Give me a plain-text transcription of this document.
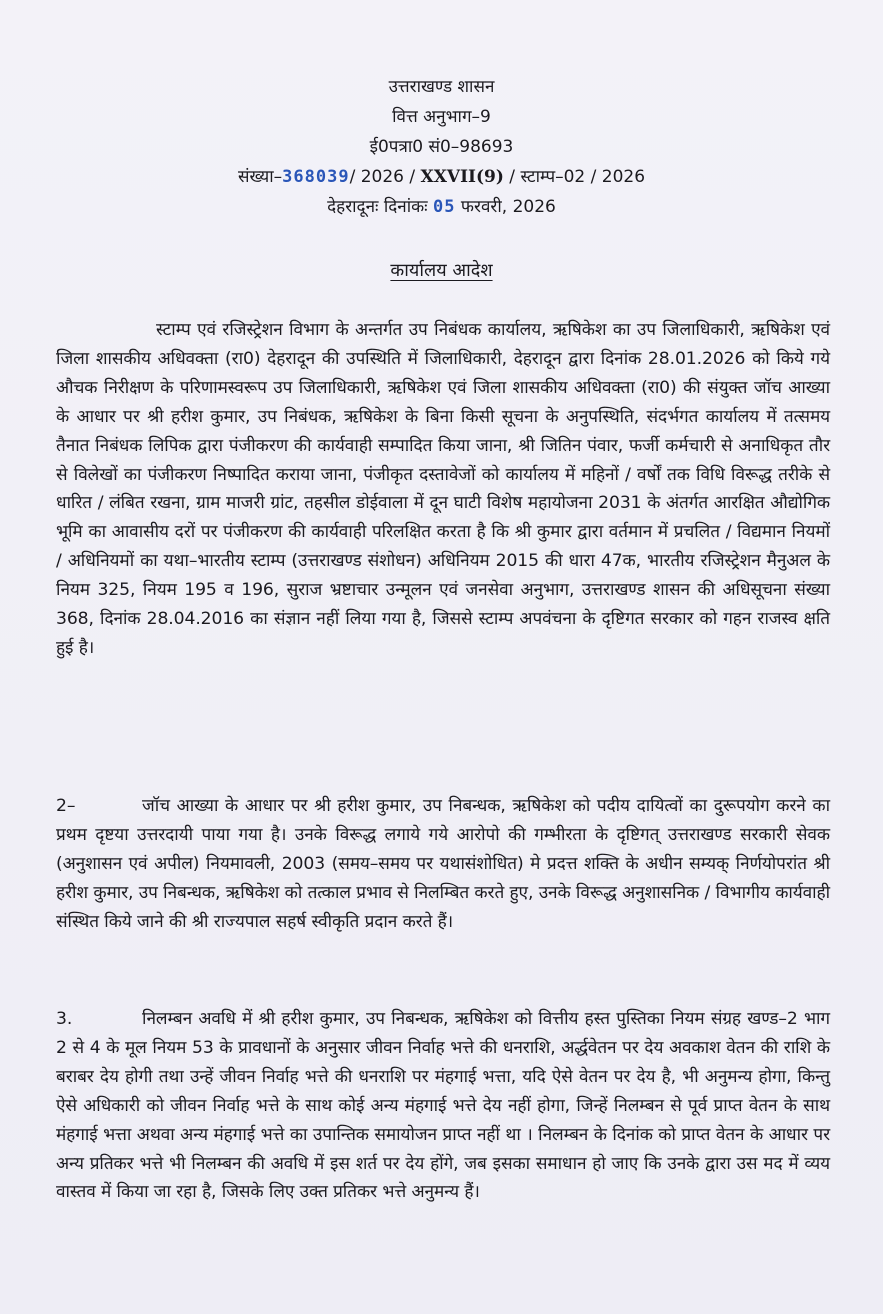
उत्तराखण्ड शासन
वित्त अनुभाग–9
ई0पत्रा0 सं0–98693
संख्या–368039/ 2026 / XXVII(9) / स्टाम्प–02 / 2026
देहरादूनः दिनांकः 05 फरवरी, 2026
कार्यालय आदेश
स्टाम्प एवं रजिस्ट्रेशन विभाग के अन्तर्गत उप निबंधक कार्यालय, ऋषिकेश का उप जिलाधिकारी, ऋषिकेश एवं जिला शासकीय अधिवक्ता (रा0) देहरादून की उपस्थिति में जिलाधिकारी, देहरादून द्वारा दिनांक 28.01.2026 को किये गये औचक निरीक्षण के परिणामस्वरूप उप जिलाधिकारी, ऋषिकेश एवं जिला शासकीय अधिवक्ता (रा0) की संयुक्त जॉच आख्या के आधार पर श्री हरीश कुमार, उप निबंधक, ऋषिकेश के बिना किसी सूचना के अनुपस्थिति, संदर्भगत कार्यालय में तत्समय तैनात निबंधक लिपिक द्वारा पंजीकरण की कार्यवाही सम्पादित किया जाना, श्री जितिन पंवार, फर्जी कर्मचारी से अनाधिकृत तौर से विलेखों का पंजीकरण निष्पादित कराया जाना, पंजीकृत दस्तावेजों को कार्यालय में महिनों / वर्षों तक विधि विरूद्ध तरीके से धारित / लंबित रखना, ग्राम माजरी ग्रांट, तहसील डोईवाला में दून घाटी विशेष महायोजना 2031 के अंतर्गत आरक्षित औद्योगिक भूमि का आवासीय दरों पर पंजीकरण की कार्यवाही परिलक्षित करता है कि श्री कुमार द्वारा वर्तमान में प्रचलित / विद्यमान नियमों / अधिनियमों का यथा–भारतीय स्टाम्प (उत्तराखण्ड संशोधन) अधिनियम 2015 की धारा 47क, भारतीय रजिस्ट्रेशन मैनुअल के नियम 325, नियम 195 व 196, सुराज भ्रष्टाचार उन्मूलन एवं जनसेवा अनुभाग, उत्तराखण्ड शासन की अधिसूचना संख्या 368, दिनांक 28.04.2016 का संज्ञान नहीं लिया गया है, जिससे स्टाम्प अपवंचना के दृष्टिगत सरकार को गहन राजस्व क्षति हुई है।
2–	जॉच आख्या के आधार पर श्री हरीश कुमार, उप निबन्धक, ऋषिकेश को पदीय दायित्वों का दुरूपयोग करने का प्रथम दृष्टया उत्तरदायी पाया गया है। उनके विरूद्ध लगाये गये आरोपो की गम्भीरता के दृष्टिगत् उत्तराखण्ड सरकारी सेवक (अनुशासन एवं अपील) नियमावली, 2003 (समय–समय पर यथासंशोधित) मे प्रदत्त शक्ति के अधीन सम्यक् निर्णयोपरांत श्री हरीश कुमार, उप निबन्धक, ऋषिकेश को तत्काल प्रभाव से निलम्बित करते हुए, उनके विरूद्ध अनुशासनिक / विभागीय कार्यवाही संस्थित किये जाने की श्री राज्यपाल सहर्ष स्वीकृति प्रदान करते हैं।
3.	निलम्बन अवधि में श्री हरीश कुमार, उप निबन्धक, ऋषिकेश को वित्तीय हस्त पुस्तिका नियम संग्रह खण्ड–2 भाग 2 से 4 के मूल नियम 53 के प्रावधानों के अनुसार जीवन निर्वाह भत्ते की धनराशि, अर्द्धवेतन पर देय अवकाश वेतन की राशि के बराबर देय होगी तथा उन्हें जीवन निर्वाह भत्ते की धनराशि पर मंहगाई भत्ता, यदि ऐसे वेतन पर देय है, भी अनुमन्य होगा, किन्तु ऐसे अधिकारी को जीवन निर्वाह भत्ते के साथ कोई अन्य मंहगाई भत्ते देय नहीं होगा, जिन्हें निलम्बन से पूर्व प्राप्त वेतन के साथ मंहगाई भत्ता अथवा अन्य मंहगाई भत्ते का उपान्तिक समायोजन प्राप्त नहीं था । निलम्बन के दिनांक को प्राप्त वेतन के आधार पर अन्य प्रतिकर भत्ते भी निलम्बन की अवधि में इस शर्त पर देय होंगे, जब इसका समाधान हो जाए कि उनके द्वारा उस मद में व्यय वास्तव में किया जा रहा है, जिसके लिए उक्त प्रतिकर भत्ते अनुमन्य हैं।
